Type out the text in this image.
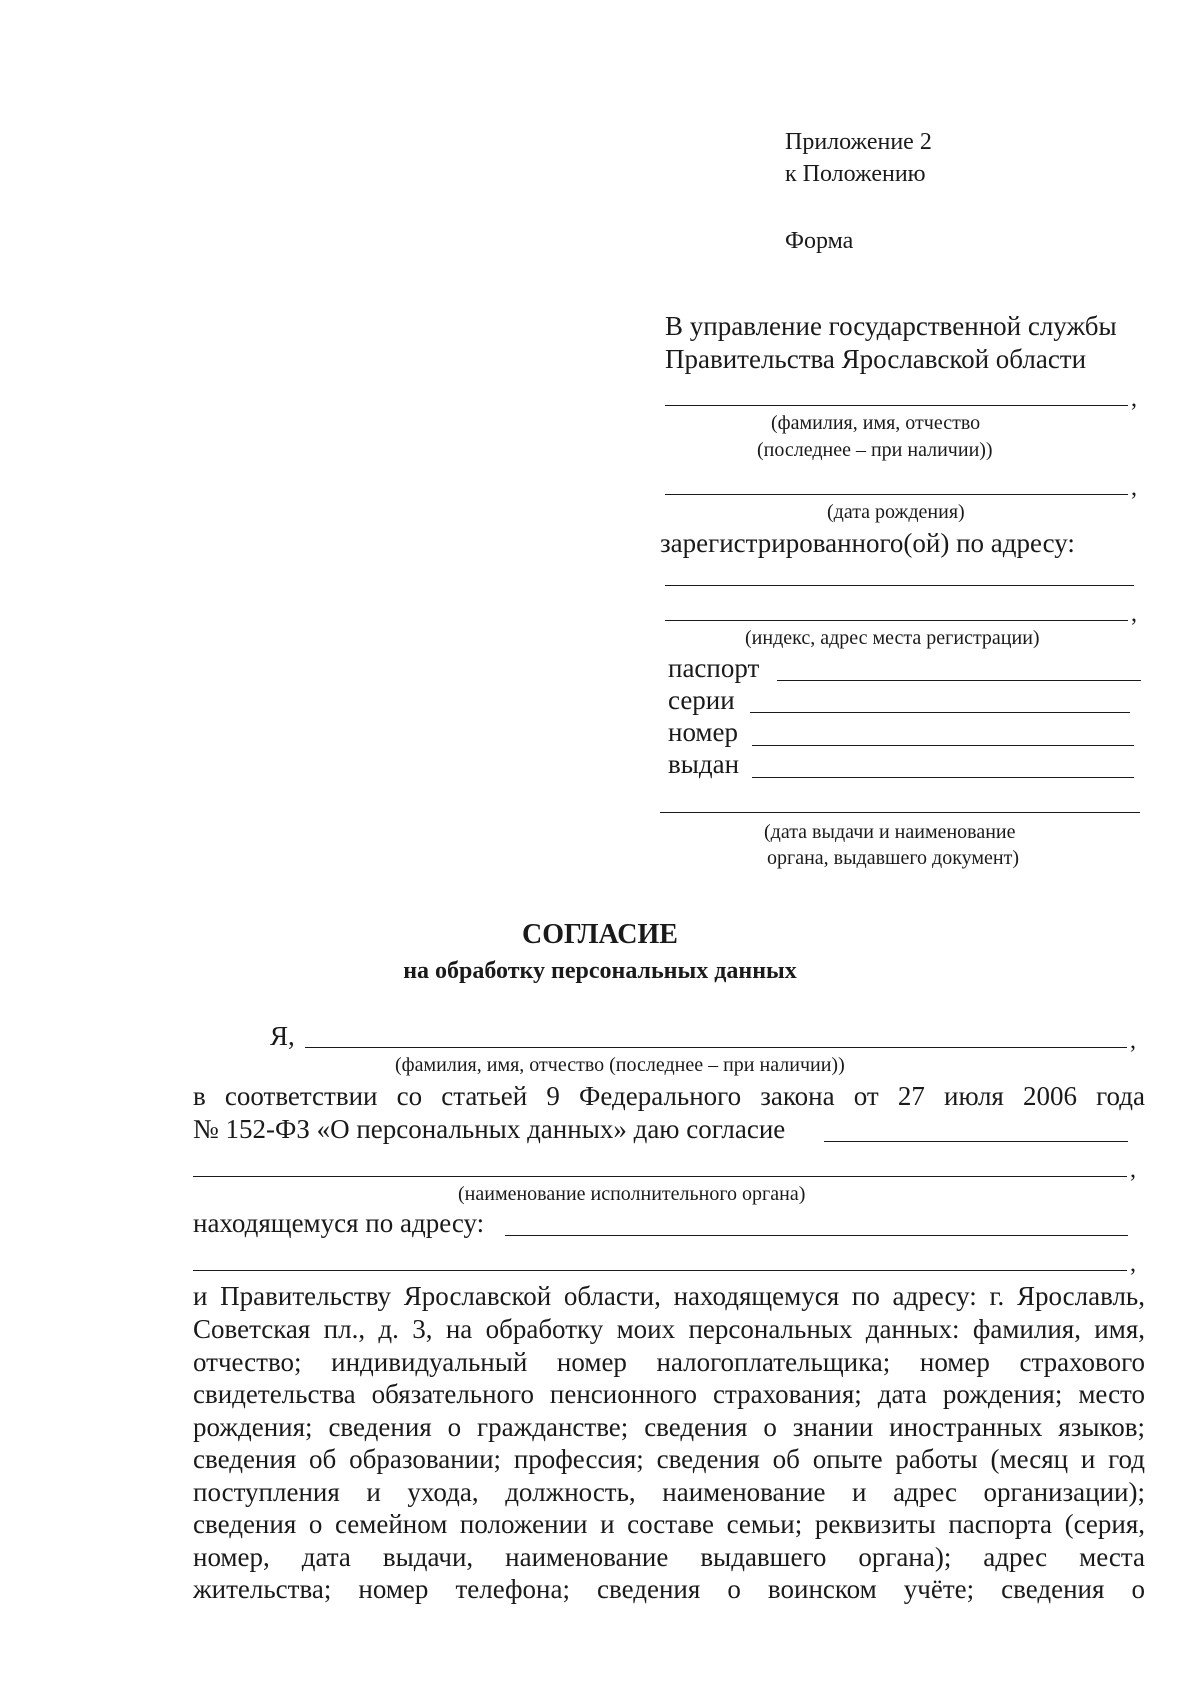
Приложение 2
к Положению
Форма
В управление государственной службы
Правительства Ярославской области
,
(фамилия, имя, отчество
(последнее – при наличии))
,
(дата рождения)
зарегистрированного(ой) по адресу:
,
(индекс, адрес места регистрации)
паспорт
серии
номер
выдан
(дата выдачи и наименование
органа, выдавшего документ)
СОГЛАСИЕ
на обработку персональных данных
Я,	,
(фамилия, имя, отчество (последнее – при наличии))
в соответствии со статьей 9 Федерального закона от 27 июля 2006 года
№ 152-ФЗ «О персональных данных» даю согласие
,
(наименование исполнительного органа)
находящемуся по адресу:
,
и Правительству Ярославской области, находящемуся по адресу: г. Ярославль,
Советская пл., д. 3, на обработку моих персональных данных: фамилия, имя,
отчество; индивидуальный номер налогоплательщика; номер страхового
свидетельства обязательного пенсионного страхования; дата рождения; место
рождения; сведения о гражданстве; сведения о знании иностранных языков;
сведения об образовании; профессия; сведения об опыте работы (месяц и год
поступления и ухода, должность, наименование и адрес организации);
сведения о семейном положении и составе семьи; реквизиты паспорта (серия,
номер, дата выдачи, наименование выдавшего органа); адрес места
жительства; номер телефона; сведения о воинском учёте; сведения о
